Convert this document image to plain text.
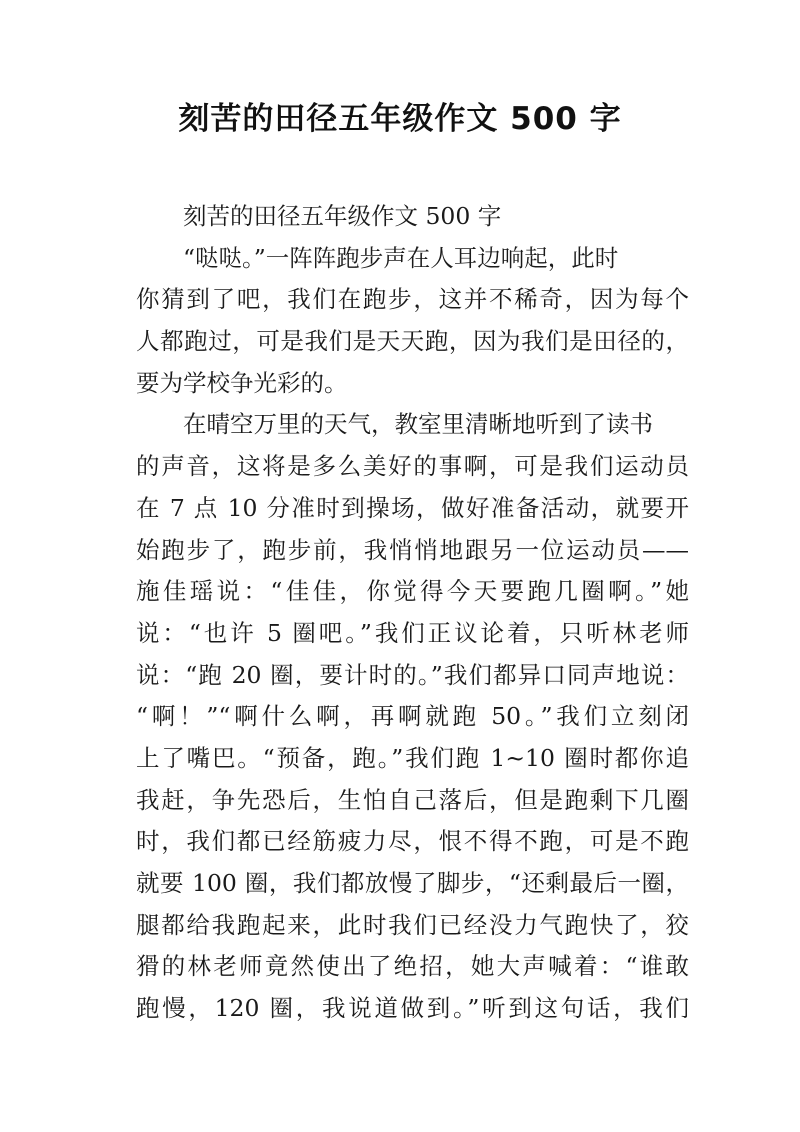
刻苦的田径五年级作文 500 字
刻苦的田径五年级作文 500 字
“哒哒。”一阵阵跑步声在人耳边响起，此时
你猜到了吧，我们在跑步，这并不稀奇，因为每个
人都跑过，可是我们是天天跑，因为我们是田径的，
要为学校争光彩的。
在晴空万里的天气，教室里清晰地听到了读书
的声音，这将是多么美好的事啊，可是我们运动员
在 7 点 10 分准时到操场，做好准备活动，就要开
始跑步了，跑步前，我悄悄地跟另一位运动员——
施佳瑶说：“佳佳，你觉得今天要跑几圈啊。”她
说：“也许 5 圈吧。”我们正议论着，只听林老师
说：“跑 20 圈，要计时的。”我们都异口同声地说：
“啊！”“啊什么啊，再啊就跑 50。”我们立刻闭
上了嘴巴。“预备，跑。”我们跑 1~10 圈时都你追
我赶，争先恐后，生怕自己落后，但是跑剩下几圈
时，我们都已经筋疲力尽，恨不得不跑，可是不跑
就要 100 圈，我们都放慢了脚步，“还剩最后一圈，
腿都给我跑起来，此时我们已经没力气跑快了，狡
猾的林老师竟然使出了绝招，她大声喊着：“谁敢
跑慢，120 圈，我说道做到。”听到这句话，我们
